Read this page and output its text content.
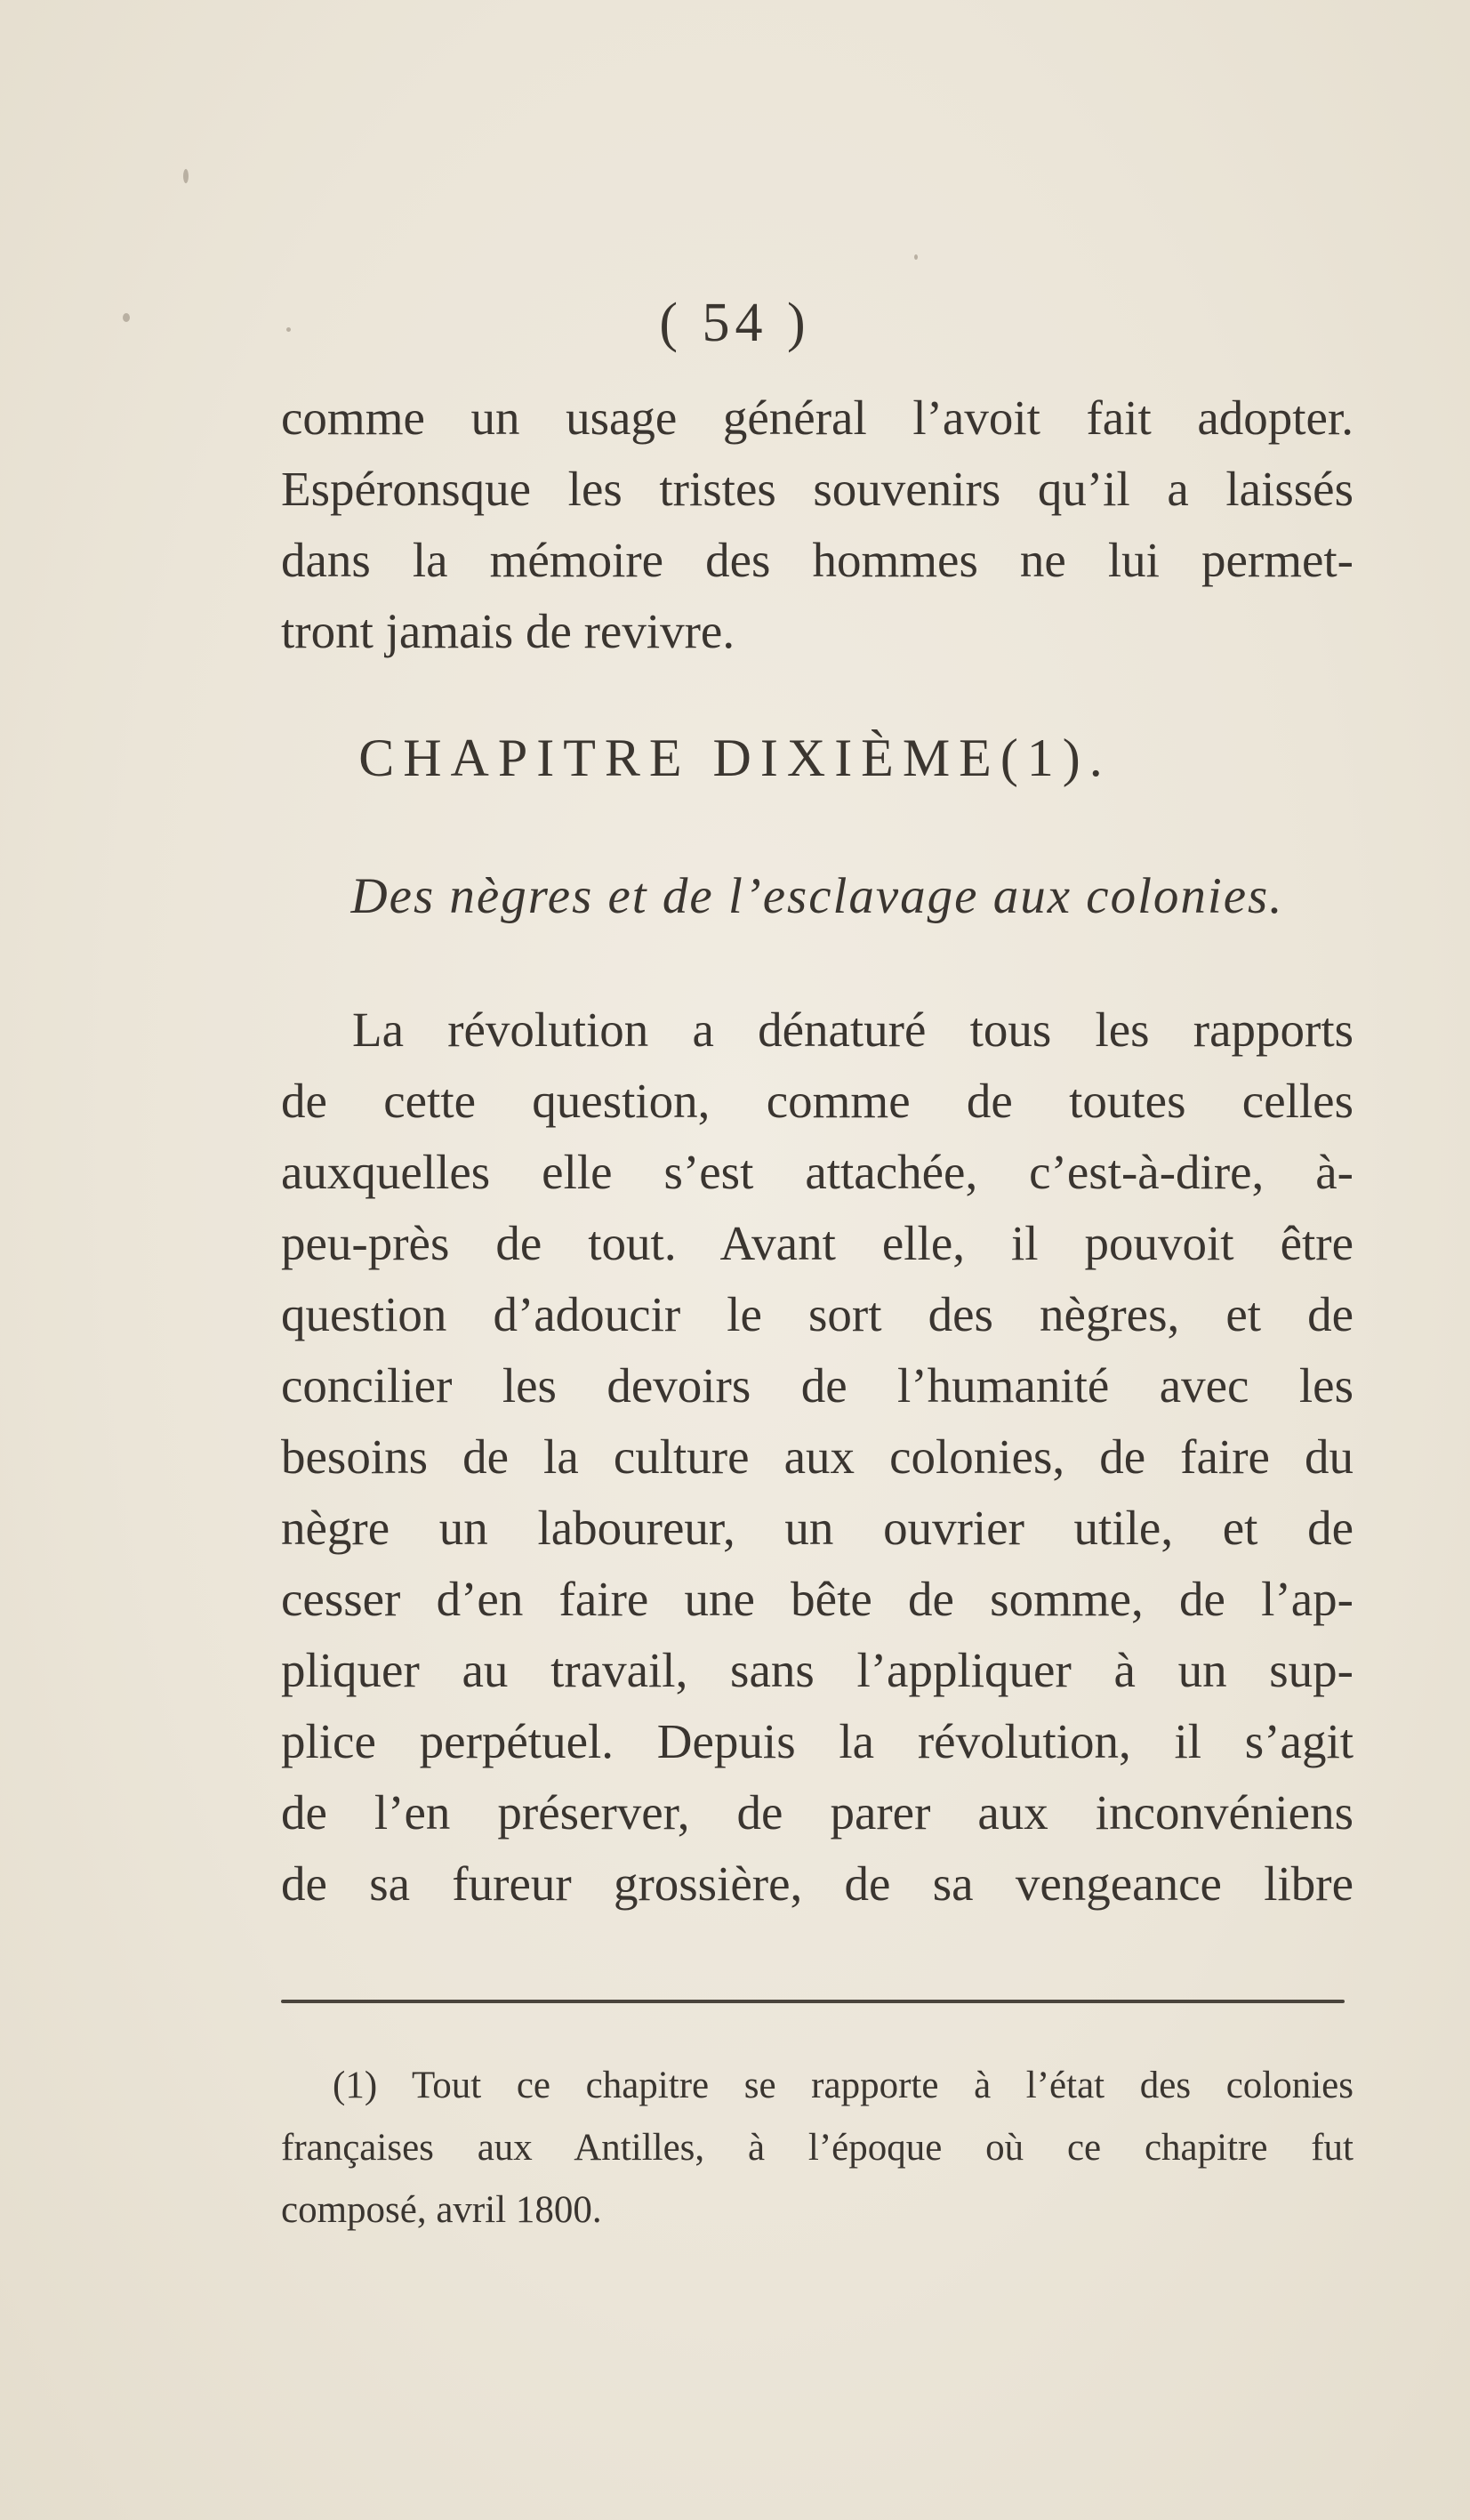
( 54 )
comme un usage général l’avoit fait adopter.
Espéronsque les tristes souvenirs qu’il a laissés
dans la mémoire des hommes ne lui permet-
tront jamais de revivre.
CHAPITRE DIXIÈME(1).
Des nègres et de l’esclavage aux colonies.
La révolution a dénaturé tous les rapports
de cette question, comme de toutes celles
auxquelles elle s’est attachée, c’est-à-dire, à-
peu-près de tout. Avant elle, il pouvoit être
question d’adoucir le sort des nègres, et de
concilier les devoirs de l’humanité avec les
besoins de la culture aux colonies, de faire du
nègre un laboureur, un ouvrier utile, et de
cesser d’en faire une bête de somme, de l’ap-
pliquer au travail, sans l’appliquer à un sup-
plice perpétuel. Depuis la révolution, il s’agit
de l’en préserver, de parer aux inconvéniens
de sa fureur grossière, de sa vengeance libre
(1) Tout ce chapitre se rapporte à l’état des colonies
françaises aux Antilles, à l’époque où ce chapitre fut
composé, avril 1800.
